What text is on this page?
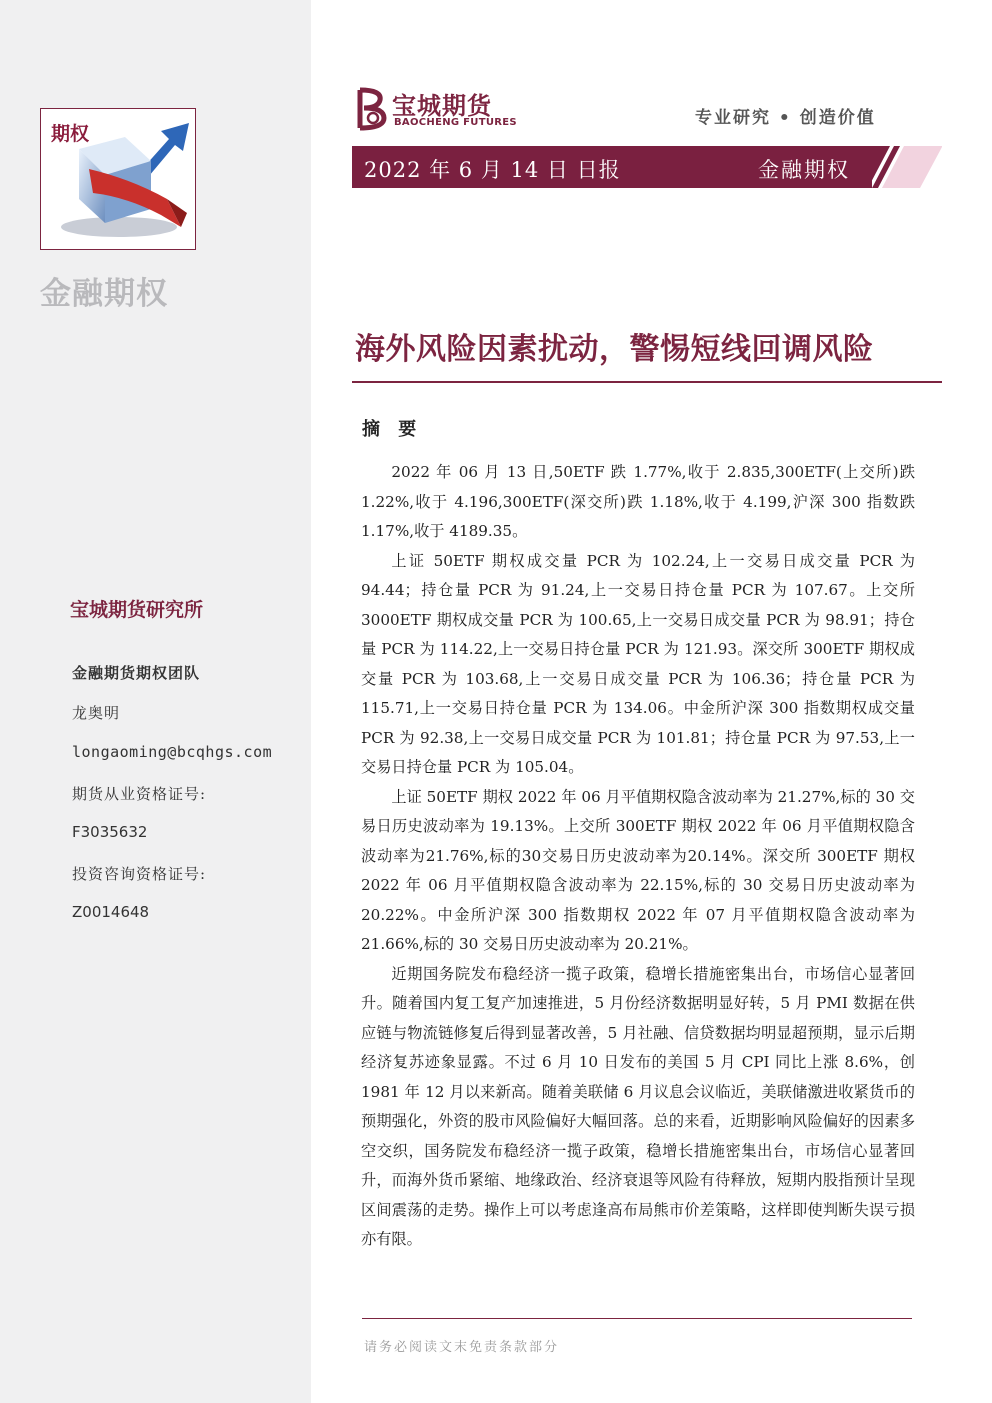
期权
金融期权
宝城期货研究所
金融期货期权团队
龙奥明
longaoming@bcqhgs.com
期货从业资格证号:
F3035632
投资咨询资格证号:
Z0014648
宝城期货
BAOCHENG FUTURES	专业研究 • 创造价值
2022 年 6 月 14 日 日报	金融期权
海外风险因素扰动，警惕短线回调风险
摘 要

2022 年 06 月 13 日,50ETF 跌 1.77%,收于 2.835,300ETF(上交所)跌 1.22%,收于 4.196,300ETF(深交所)跌 1.18%,收于 4.199,沪深 300 指数跌 1.17%,收于 4189.35。

上证 50ETF 期权成交量 PCR 为 102.24,上一交易日成交量 PCR 为 94.44；持仓量 PCR 为 91.24,上一交易日持仓量 PCR 为 107.67。上交所 3000ETF 期权成交量 PCR 为 100.65,上一交易日成交量 PCR 为 98.91；持仓量 PCR 为 114.22,上一交易日持仓量 PCR 为 121.93。深交所 300ETF 期权成交量 PCR 为 103.68,上一交易日成交量 PCR 为 106.36；持仓量 PCR 为 115.71,上一交易日持仓量 PCR 为 134.06。中金所沪深 300 指数期权成交量 PCR 为 92.38,上一交易日成交量 PCR 为 101.81；持仓量 PCR 为 97.53,上一交易日持仓量 PCR 为 105.04。

上证 50ETF 期权 2022 年 06 月平值期权隐含波动率为 21.27%,标的 30 交易日历史波动率为 19.13%。上交所 300ETF 期权 2022 年 06 月平值期权隐含波动率为21.76%,标的30交易日历史波动率为20.14%。深交所 300ETF 期权 2022 年 06 月平值期权隐含波动率为 22.15%,标的 30 交易日历史波动率为 20.22%。中金所沪深 300 指数期权 2022 年 07 月平值期权隐含波动率为 21.66%,标的 30 交易日历史波动率为 20.21%。

近期国务院发布稳经济一揽子政策，稳增长措施密集出台，市场信心显著回升。随着国内复工复产加速推进，5 月份经济数据明显好转，5 月 PMI 数据在供应链与物流链修复后得到显著改善，5 月社融、信贷数据均明显超预期，显示后期经济复苏迹象显露。不过 6 月 10 日发布的美国 5 月 CPI 同比上涨 8.6%，创 1981 年 12 月以来新高。随着美联储 6 月议息会议临近，美联储激进收紧货币的预期强化，外资的股市风险偏好大幅回落。总的来看，近期影响风险偏好的因素多空交织，国务院发布稳经济一揽子政策，稳增长措施密集出台，市场信心显著回升，而海外货币紧缩、地缘政治、经济衰退等风险有待释放，短期内股指预计呈现区间震荡的走势。操作上可以考虑逢高布局熊市价差策略，这样即使判断失误亏损亦有限。

请务必阅读文末免责条款部分
